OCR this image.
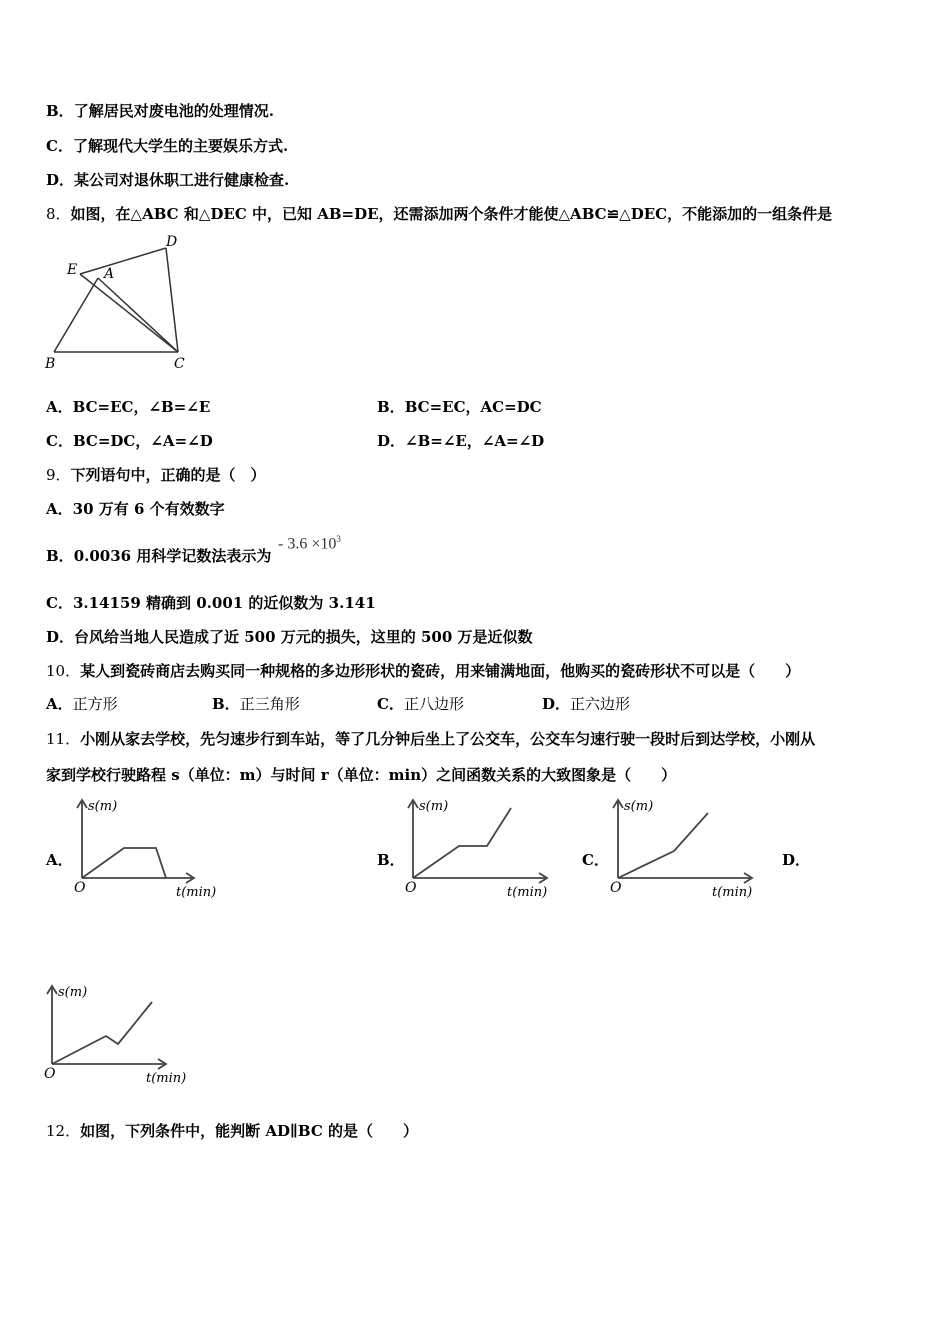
B．了解居民对废电池的处理情况.
C．了解现代大学生的主要娱乐方式.
D．某公司对退休职工进行健康检查.
8．如图，在△ABC 和△DEC 中，已知 AB=DE，还需添加两个条件才能使△ABC≌△DEC，不能添加的一组条件是
D
E A
B	C
A．BC=EC，∠B=∠E	B．BC=EC，AC=DC
C．BC=DC，∠A=∠D	D．∠B=∠E，∠A=∠D
9．下列语句中，正确的是（　）
A．30 万有 6 个有效数字
B．0.0036 用科学记数法表示为
- $3.6 \times 10^3$
C．3.14159 精确到 0.001 的近似数为 3.141
D．台风给当地人民造成了近 500 万元的损失，这里的 500 万是近似数
10．某人到瓷砖商店去购买同一种规格的多边形形状的瓷砖，用来铺满地面，他购买的瓷砖形状不可以是（　　）
A．正方形	B．正三角形	C．正八边形	D．正六边形
11．小刚从家去学校，先匀速步行到车站，等了几分钟后坐上了公交车，公交车匀速行驶一段时后到达学校，小刚从
家到学校行驶路程 s（单位：m）与时间 r（单位：min）之间函数关系的大致图象是（　　）
A．	B．	C．	D．
s(m)
O	t(min)
s(m)
O	t(min)
s(m)
O	t(min)
s(m)
O	t(min)
12．如图，下列条件中，能判断 AD∥BC 的是（　　）
